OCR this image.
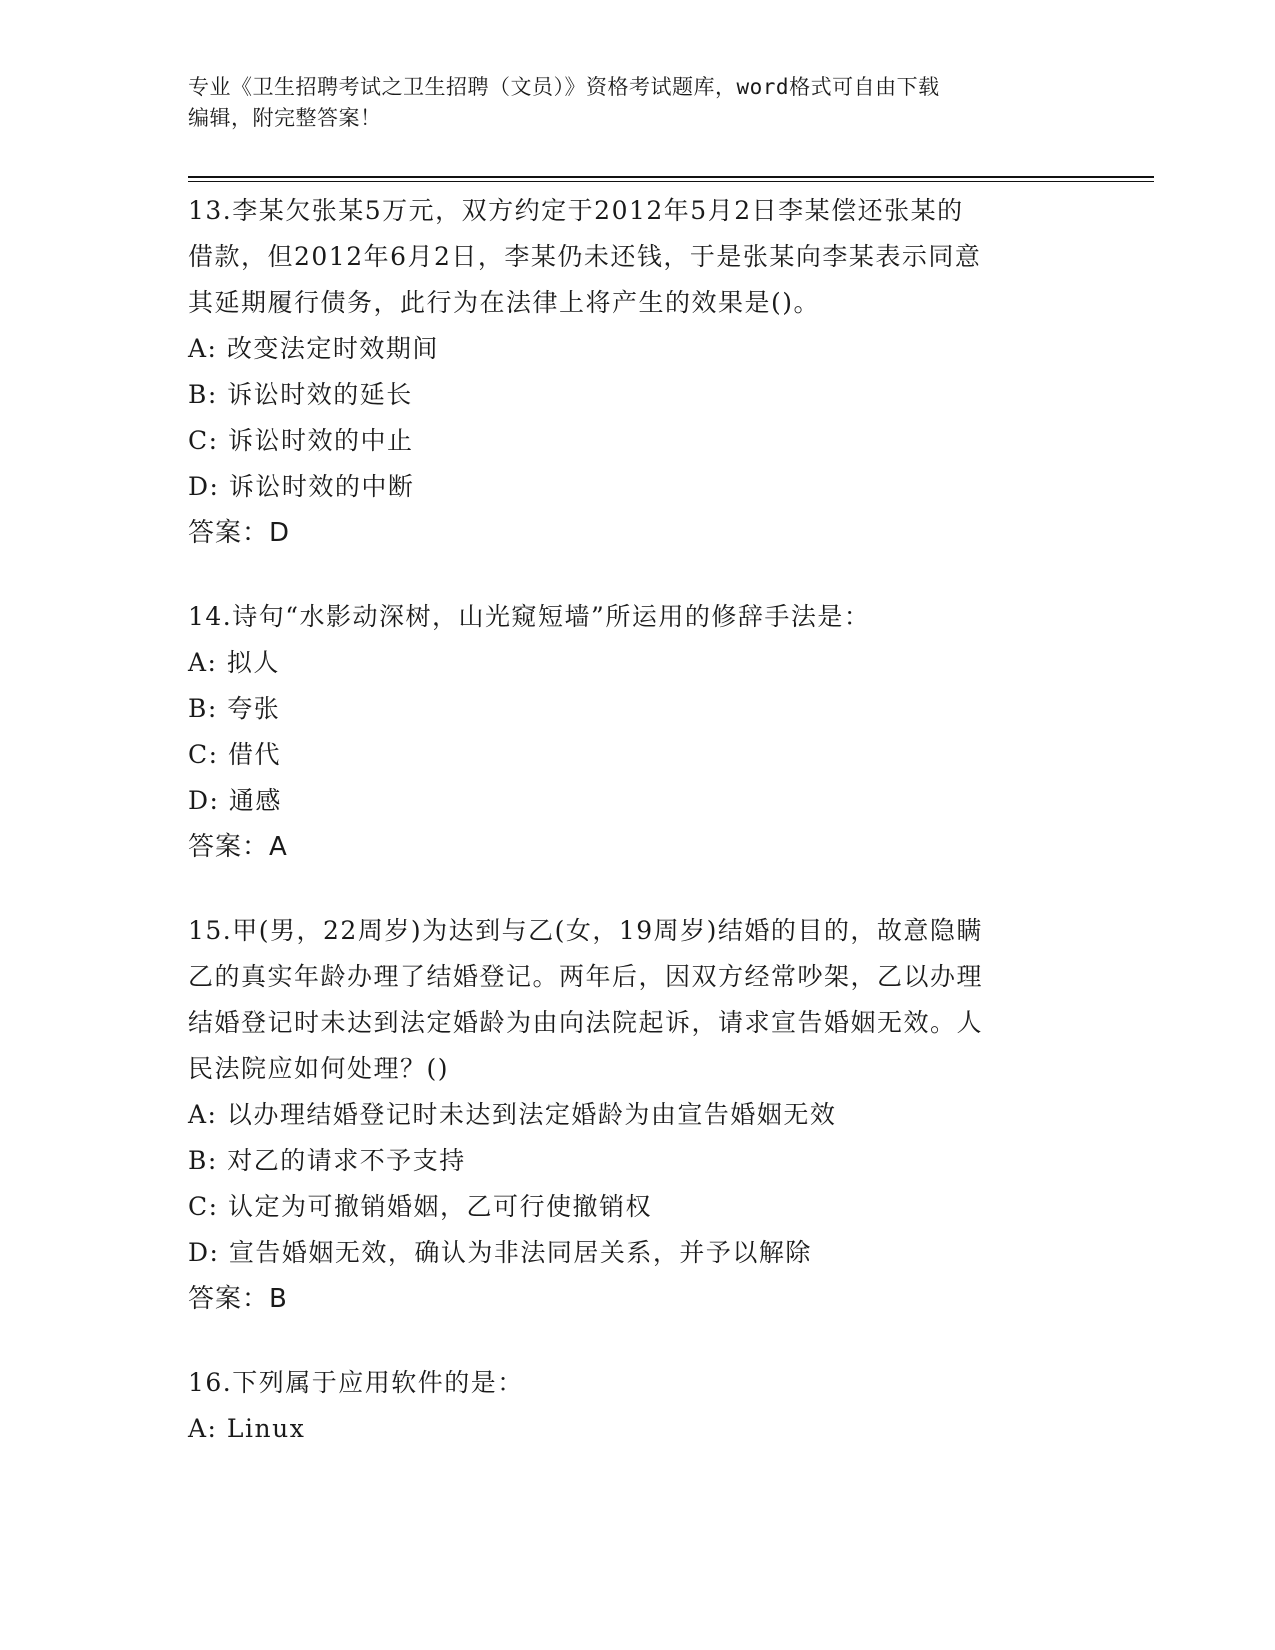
专业《卫生招聘考试之卫生招聘（文员）》资格考试题库，word格式可自由下载
编辑，附完整答案！
13.李某欠张某5万元，双方约定于2012年5月2日李某偿还张某的
借款，但2012年6月2日，李某仍未还钱，于是张某向李某表示同意
其延期履行债务，此行为在法律上将产生的效果是()。
A: 改变法定时效期间
B: 诉讼时效的延长
C: 诉讼时效的中止
D: 诉讼时效的中断
答案：D
14.诗句“水影动深树，山光窥短墙”所运用的修辞手法是：
A: 拟人
B: 夸张
C: 借代
D: 通感
答案：A
15.甲(男，22周岁)为达到与乙(女，19周岁)结婚的目的，故意隐瞒
乙的真实年龄办理了结婚登记。两年后，因双方经常吵架，乙以办理
结婚登记时未达到法定婚龄为由向法院起诉，请求宣告婚姻无效。人
民法院应如何处理？()
A: 以办理结婚登记时未达到法定婚龄为由宣告婚姻无效
B: 对乙的请求不予支持
C: 认定为可撤销婚姻，乙可行使撤销权
D: 宣告婚姻无效，确认为非法同居关系，并予以解除
答案：B
16.下列属于应用软件的是：
A: Linux
